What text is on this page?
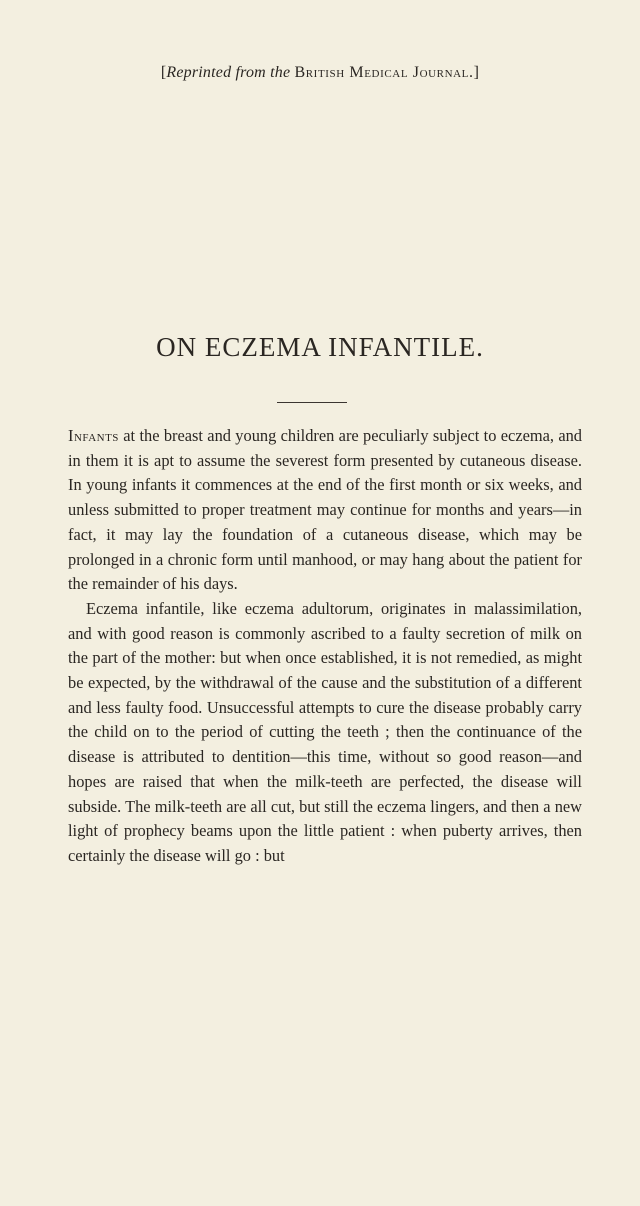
[Reprinted from the British Medical Journal.]
ON ECZEMA INFANTILE.

Infants at the breast and young children are peculiarly subject to eczema, and in them it is apt to assume the severest form presented by cutaneous disease. In young infants it commences at the end of the first month or six weeks, and unless submitted to proper treatment may continue for months and years—in fact, it may lay the foundation of a cutaneous disease, which may be prolonged in a chronic form until manhood, or may hang about the patient for the remainder of his days.

Eczema infantile, like eczema adultorum, originates in malassimilation, and with good reason is commonly ascribed to a faulty secretion of milk on the part of the mother: but when once established, it is not remedied, as might be expected, by the withdrawal of the cause and the substitution of a different and less faulty food. Unsuccessful attempts to cure the disease probably carry the child on to the period of cutting the teeth ; then the continuance of the disease is attributed to dentition—this time, without so good reason—and hopes are raised that when the milk-teeth are perfected, the disease will subside. The milk-teeth are all cut, but still the eczema lingers, and then a new light of prophecy beams upon the little patient : when puberty arrives, then certainly the disease will go : but
